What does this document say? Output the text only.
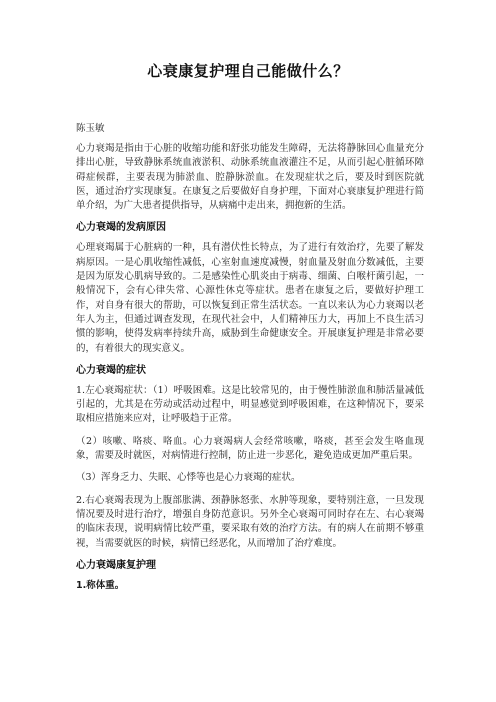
心衰康复护理自己能做什么？
陈玉敏

心力衰竭是指由于心脏的收缩功能和舒张功能发生障碍，无法将静脉回心血量充分排出心脏，导致静脉系统血液淤积、动脉系统血液灌注不足，从而引起心脏循环障碍症候群，主要表现为肺淤血、腔静脉淤血。在发现症状之后，要及时到医院就医，通过治疗实现康复。在康复之后要做好自身护理，下面对心衰康复护理进行简单介绍，为广大患者提供指导，从病痛中走出来，拥抱新的生活。

心力衰竭的发病原因

心理衰竭属于心脏病的一种，具有潜伏性长特点，为了进行有效治疗，先要了解发病原因。一是心肌收缩性减低，心室射血速度减慢，射血量及射血分数减低，主要是因为原发心肌病导致的。二是感染性心肌炎由于病毒、细菌、白喉杆菌引起，一般情况下，会有心律失常、心源性休克等症状。患者在康复之后，要做好护理工作，对自身有很大的帮助，可以恢复到正常生活状态。一直以来认为心力衰竭以老年人为主，但通过调查发现，在现代社会中，人们精神压力大，再加上不良生活习惯的影响，使得发病率持续升高，威胁到生命健康安全。开展康复护理是非常必要的，有着很大的现实意义。

心力衰竭的症状

1.左心衰竭症状：（1）呼吸困难。这是比较常见的，由于慢性肺淤血和肺活量减低引起的，尤其是在劳动或活动过程中，明显感觉到呼吸困难，在这种情况下，要采取相应措施来应对，让呼吸趋于正常。

（2）咳嗽、咯痰、咯血。心力衰竭病人会经常咳嗽，咯痰，甚至会发生咯血现象，需要及时就医，对病情进行控制，防止进一步恶化，避免造成更加严重后果。

（3）浑身乏力、失眠、心悸等也是心力衰竭的症状。

2.右心衰竭表现为上腹部胀满、颈静脉怒张、水肿等现象，要特别注意，一旦发现情况要及时进行治疗，增强自身防范意识。另外全心衰竭可同时存在左、右心衰竭的临床表现，说明病情比较严重，要采取有效的治疗方法。有的病人在前期不够重视，当需要就医的时候，病情已经恶化，从而增加了治疗难度。

心力衰竭康复护理
1.称体重。
